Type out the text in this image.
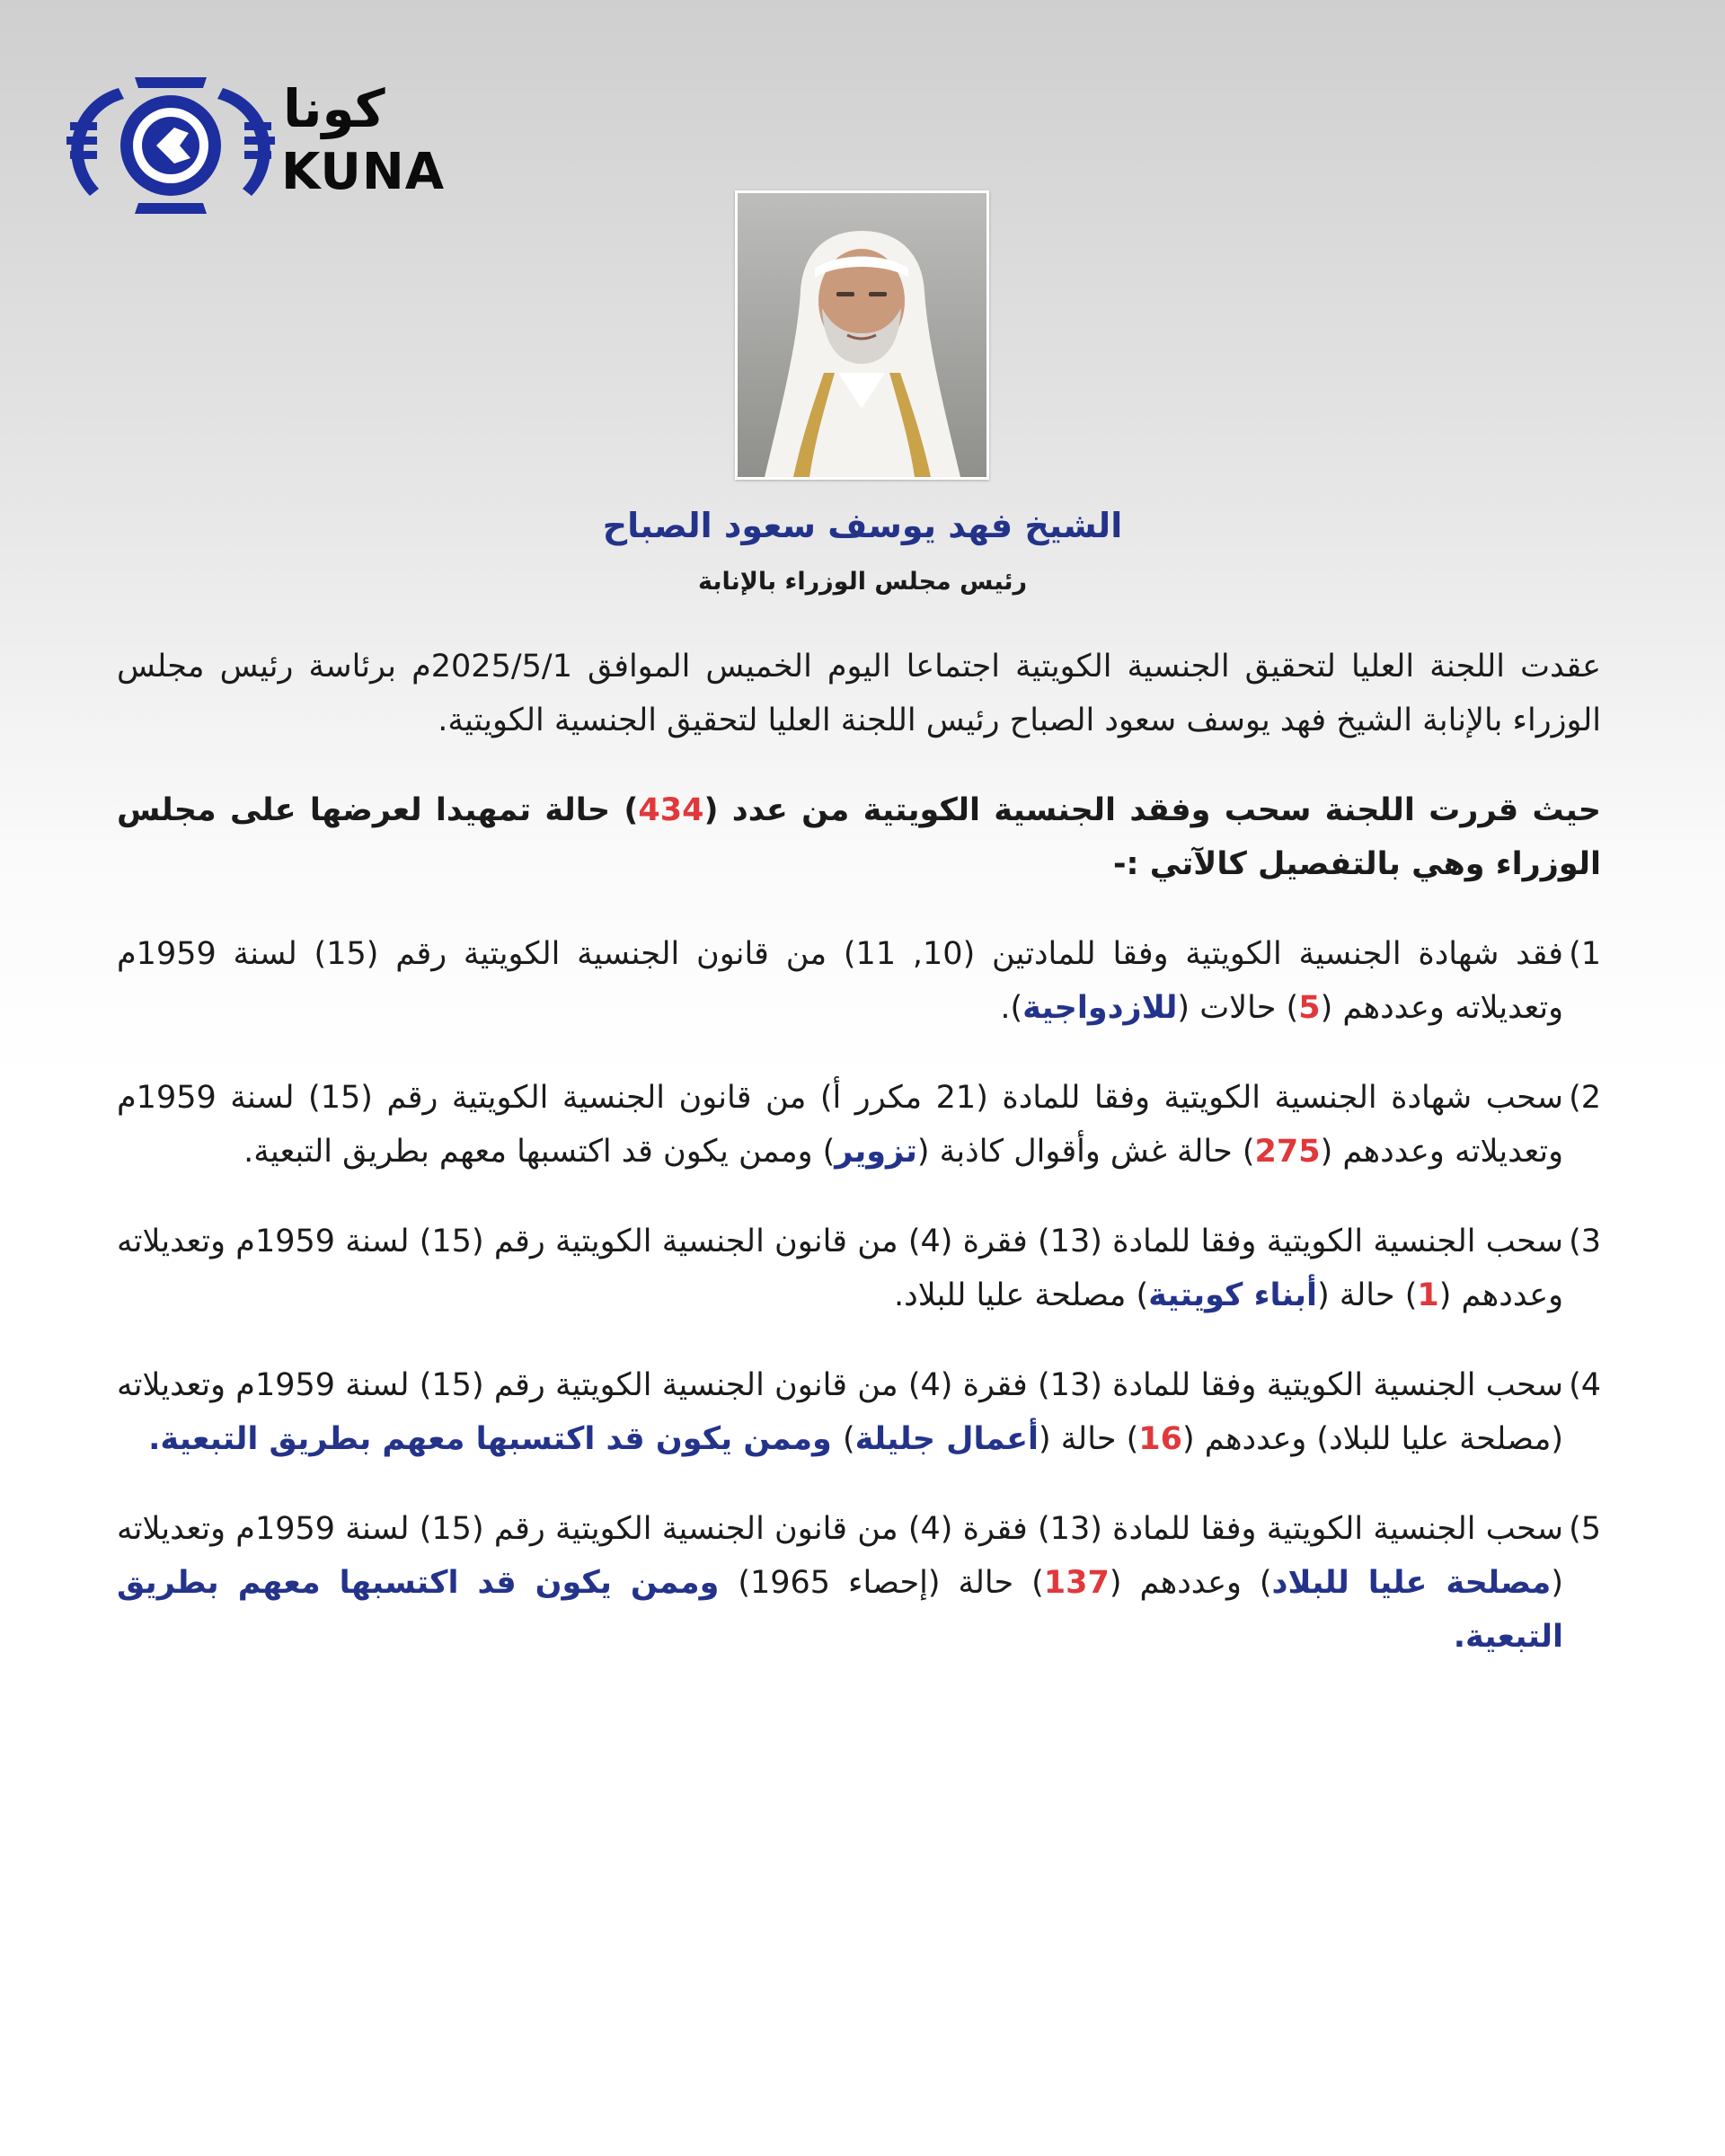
كونا
KUNA
الشيخ فهد يوسف سعود الصباح
رئيس مجلس الوزراء بالإنابة

عقدت اللجنة العليا لتحقيق الجنسية الكويتية اجتماعا اليوم الخميس الموافق 2025/5/1م برئاسة رئيس مجلس الوزراء بالإنابة الشيخ فهد يوسف سعود الصباح رئيس اللجنة العليا لتحقيق الجنسية الكويتية.

حيث قررت اللجنة سحب وفقد الجنسية الكويتية من عدد (434) حالة تمهيدا لعرضها على مجلس الوزراء وهي بالتفصيل كالآتي :-

1)
فقد شهادة الجنسية الكويتية وفقا للمادتين (10, 11) من قانون الجنسية الكويتية رقم (15) لسنة 1959م وتعديلاته وعددهم (5) حالات (للازدواجية).
2)
سحب شهادة الجنسية الكويتية وفقا للمادة (21 مكرر أ) من قانون الجنسية الكويتية رقم (15) لسنة 1959م وتعديلاته وعددهم (275) حالة غش وأقوال كاذبة (تزوير) وممن يكون قد اكتسبها معهم بطريق التبعية.
3)
سحب الجنسية الكويتية وفقا للمادة (13) فقرة (4) من قانون الجنسية الكويتية رقم (15) لسنة 1959م وتعديلاته وعددهم (1) حالة (أبناء كويتية) مصلحة عليا للبلاد.
4)
سحب الجنسية الكويتية وفقا للمادة (13) فقرة (4) من قانون الجنسية الكويتية رقم (15) لسنة 1959م وتعديلاته (مصلحة عليا للبلاد) وعددهم (16) حالة (أعمال جليلة) وممن يكون قد اكتسبها معهم بطريق التبعية.
5)
سحب الجنسية الكويتية وفقا للمادة (13) فقرة (4) من قانون الجنسية الكويتية رقم (15) لسنة 1959م وتعديلاته (مصلحة عليا للبلاد) وعددهم (137) حالة (إحصاء 1965) وممن يكون قد اكتسبها معهم بطريق التبعية.
